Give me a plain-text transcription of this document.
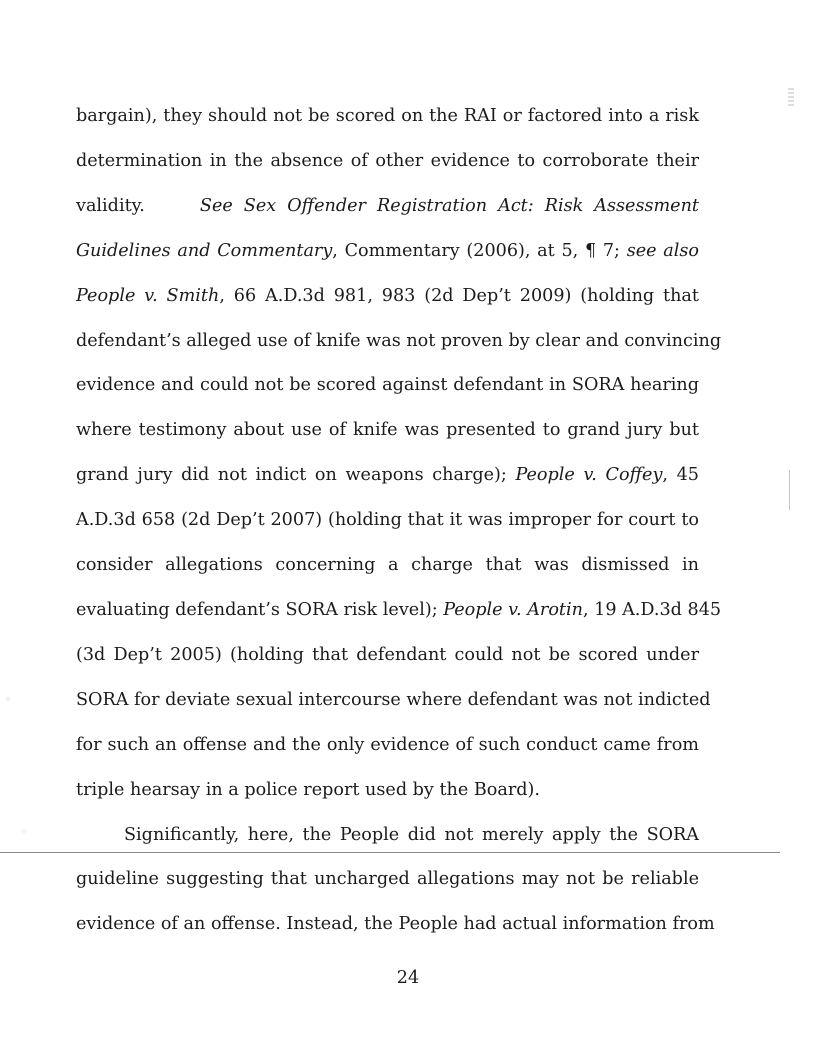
bargain), they should not be scored on the RAI or factored into a risk
determination in the absence of other evidence to corroborate their
validity.	See Sex Offender Registration Act: Risk Assessment
Guidelines and Commentary, Commentary (2006), at 5, ¶ 7; see also
People v. Smith, 66 A.D.3d 981, 983 (2d Dep’t 2009) (holding that
defendant’s alleged use of knife was not proven by clear and convincing
evidence and could not be scored against defendant in SORA hearing
where testimony about use of knife was presented to grand jury but
grand jury did not indict on weapons charge); People v. Coffey, 45
A.D.3d 658 (2d Dep’t 2007) (holding that it was improper for court to
consider allegations concerning a charge that was dismissed in
evaluating defendant’s SORA risk level); People v. Arotin, 19 A.D.3d 845
(3d Dep’t 2005) (holding that defendant could not be scored under
SORA for deviate sexual intercourse where defendant was not indicted
for such an offense and the only evidence of such conduct came from
triple hearsay in a police report used by the Board).
Significantly, here, the People did not merely apply the SORA
guideline suggesting that uncharged allegations may not be reliable
evidence of an offense. Instead, the People had actual information from
24
